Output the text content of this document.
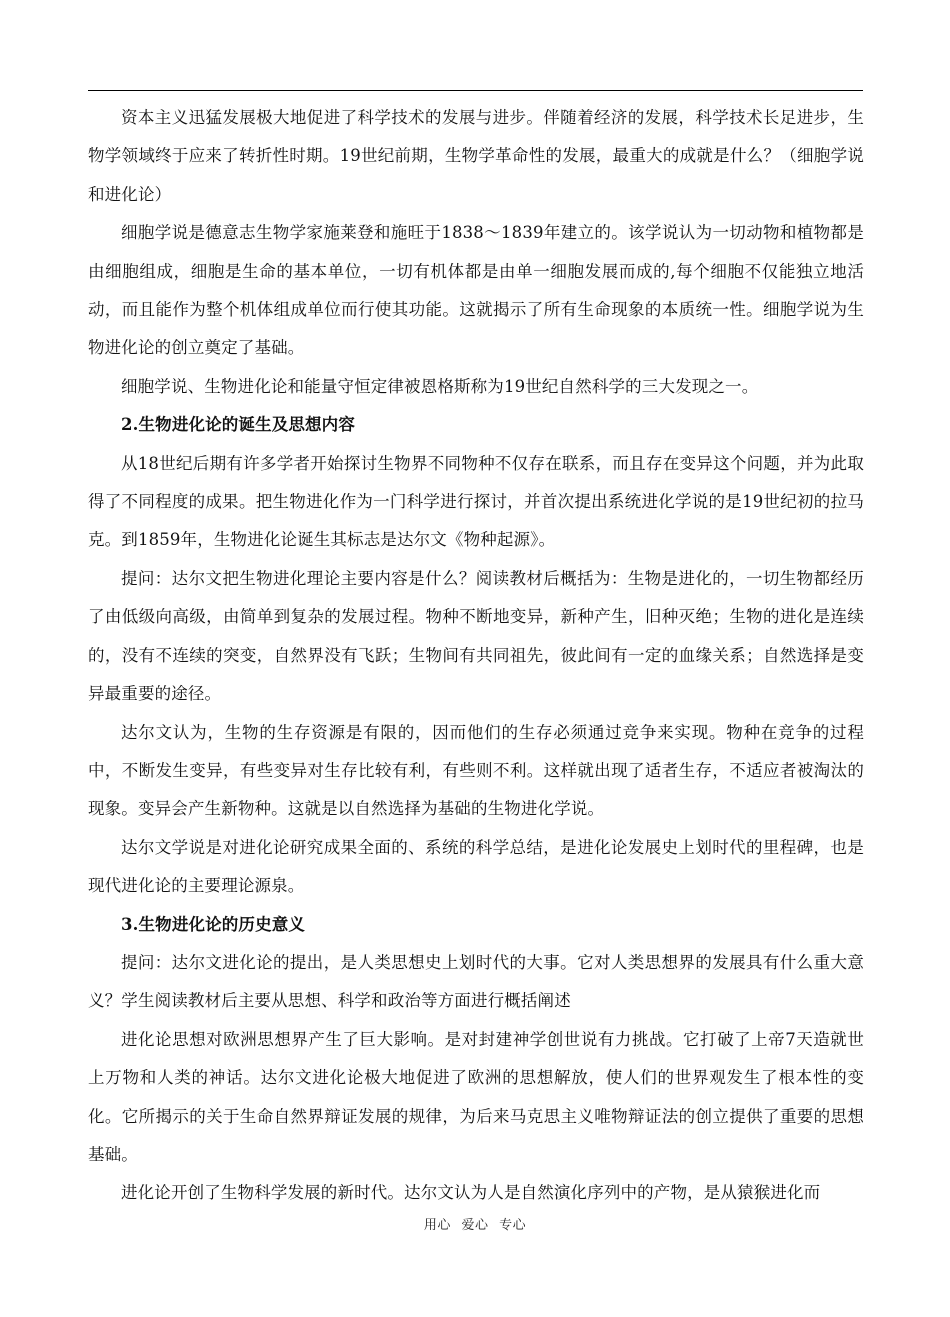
资本主义迅猛发展极大地促进了科学技术的发展与进步。伴随着经济的发展，科学技术长足进步，生物学领域终于应来了转折性时期。19世纪前期，生物学革命性的发展，最重大的成就是什么？（细胞学说和进化论）

细胞学说是德意志生物学家施莱登和施旺于1838～1839年建立的。该学说认为一切动物和植物都是由细胞组成，细胞是生命的基本单位，一切有机体都是由单一细胞发展而成的,每个细胞不仅能独立地活动，而且能作为整个机体组成单位而行使其功能。这就揭示了所有生命现象的本质统一性。细胞学说为生物进化论的创立奠定了基础。

细胞学说、生物进化论和能量守恒定律被恩格斯称为19世纪自然科学的三大发现之一。

2.生物进化论的诞生及思想内容

从18世纪后期有许多学者开始探讨生物界不同物种不仅存在联系，而且存在变异这个问题，并为此取得了不同程度的成果。把生物进化作为一门科学进行探讨，并首次提出系统进化学说的是19世纪初的拉马克。到1859年，生物进化论诞生其标志是达尔文《物种起源》。

提问：达尔文把生物进化理论主要内容是什么？阅读教材后概括为：生物是进化的，一切生物都经历了由低级向高级，由简单到复杂的发展过程。物种不断地变异，新种产生，旧种灭绝；生物的进化是连续的，没有不连续的突变，自然界没有飞跃；生物间有共同祖先，彼此间有一定的血缘关系；自然选择是变异最重要的途径。

达尔文认为，生物的生存资源是有限的，因而他们的生存必须通过竞争来实现。物种在竞争的过程中，不断发生变异，有些变异对生存比较有利，有些则不利。这样就出现了适者生存，不适应者被淘汰的现象。变异会产生新物种。这就是以自然选择为基础的生物进化学说。

达尔文学说是对进化论研究成果全面的、系统的科学总结，是进化论发展史上划时代的里程碑，也是现代进化论的主要理论源泉。

3.生物进化论的历史意义

提问：达尔文进化论的提出，是人类思想史上划时代的大事。它对人类思想界的发展具有什么重大意义？学生阅读教材后主要从思想、科学和政治等方面进行概括阐述

进化论思想对欧洲思想界产生了巨大影响。是对封建神学创世说有力挑战。它打破了上帝7天造就世上万物和人类的神话。达尔文进化论极大地促进了欧洲的思想解放，使人们的世界观发生了根本性的变化。它所揭示的关于生命自然界辩证发展的规律，为后来马克思主义唯物辩证法的创立提供了重要的思想基础。

进化论开创了生物科学发展的新时代。达尔文认为人是自然演化序列中的产物，是从猿猴进化而

用心 爱心 专心
